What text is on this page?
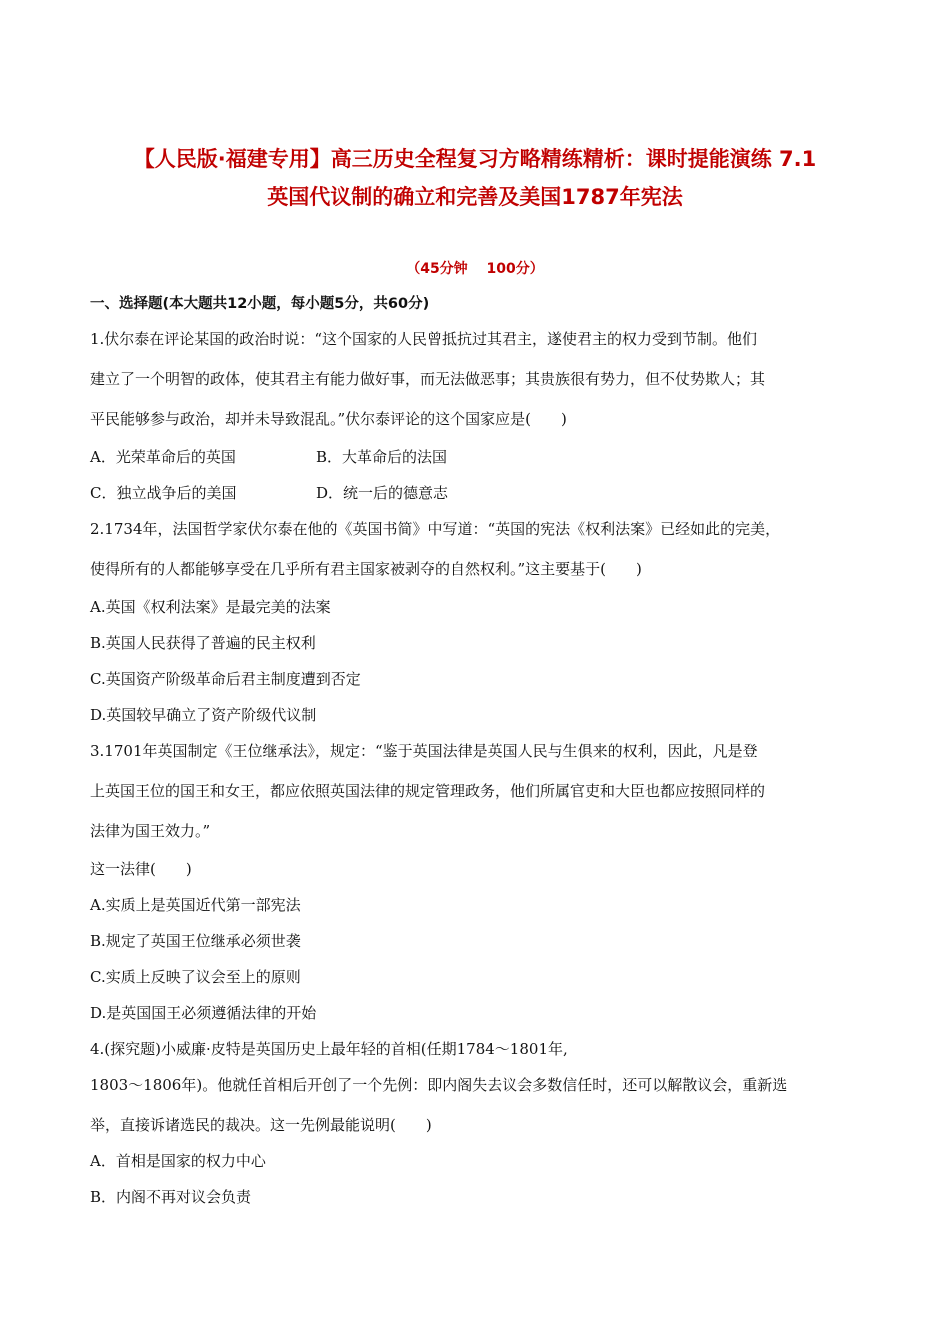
【人民版·福建专用】高三历史全程复习方略精练精析：课时提能演练 7.1
英国代议制的确立和完善及美国1787年宪法
（45分钟　 100分）
一、选择题(本大题共12小题，每小题5分，共60分)
1.伏尔泰在评论某国的政治时说：“这个国家的人民曾抵抗过其君主，遂使君主的权力受到节制。他们
建立了一个明智的政体，使其君主有能力做好事，而无法做恶事；其贵族很有势力，但不仗势欺人；其
平民能够参与政治，却并未导致混乱。”伏尔泰评论的这个国家应是(　　)
A．光荣革命后的英国	B．大革命后的法国
C．独立战争后的美国	D．统一后的德意志
2.1734年，法国哲学家伏尔泰在他的《英国书简》中写道：“英国的宪法《权利法案》已经如此的完美，
使得所有的人都能够享受在几乎所有君主国家被剥夺的自然权利。”这主要基于(　　)
A.英国《权利法案》是最完美的法案
B.英国人民获得了普遍的民主权利
C.英国资产阶级革命后君主制度遭到否定
D.英国较早确立了资产阶级代议制
3.1701年英国制定《王位继承法》，规定：“鉴于英国法律是英国人民与生俱来的权利，因此，凡是登
上英国王位的国王和女王，都应依照英国法律的规定管理政务，他们所属官吏和大臣也都应按照同样的
法律为国王效力。”
这一法律(　　)
A.实质上是英国近代第一部宪法
B.规定了英国王位继承必须世袭
C.实质上反映了议会至上的原则
D.是英国国王必须遵循法律的开始
4.(探究题)小威廉·皮特是英国历史上最年轻的首相(任期1784～1801年,
1803～1806年)。他就任首相后开创了一个先例：即内阁失去议会多数信任时，还可以解散议会，重新选
举，直接诉诸选民的裁决。这一先例最能说明(　　)
A．首相是国家的权力中心
B．内阁不再对议会负责
